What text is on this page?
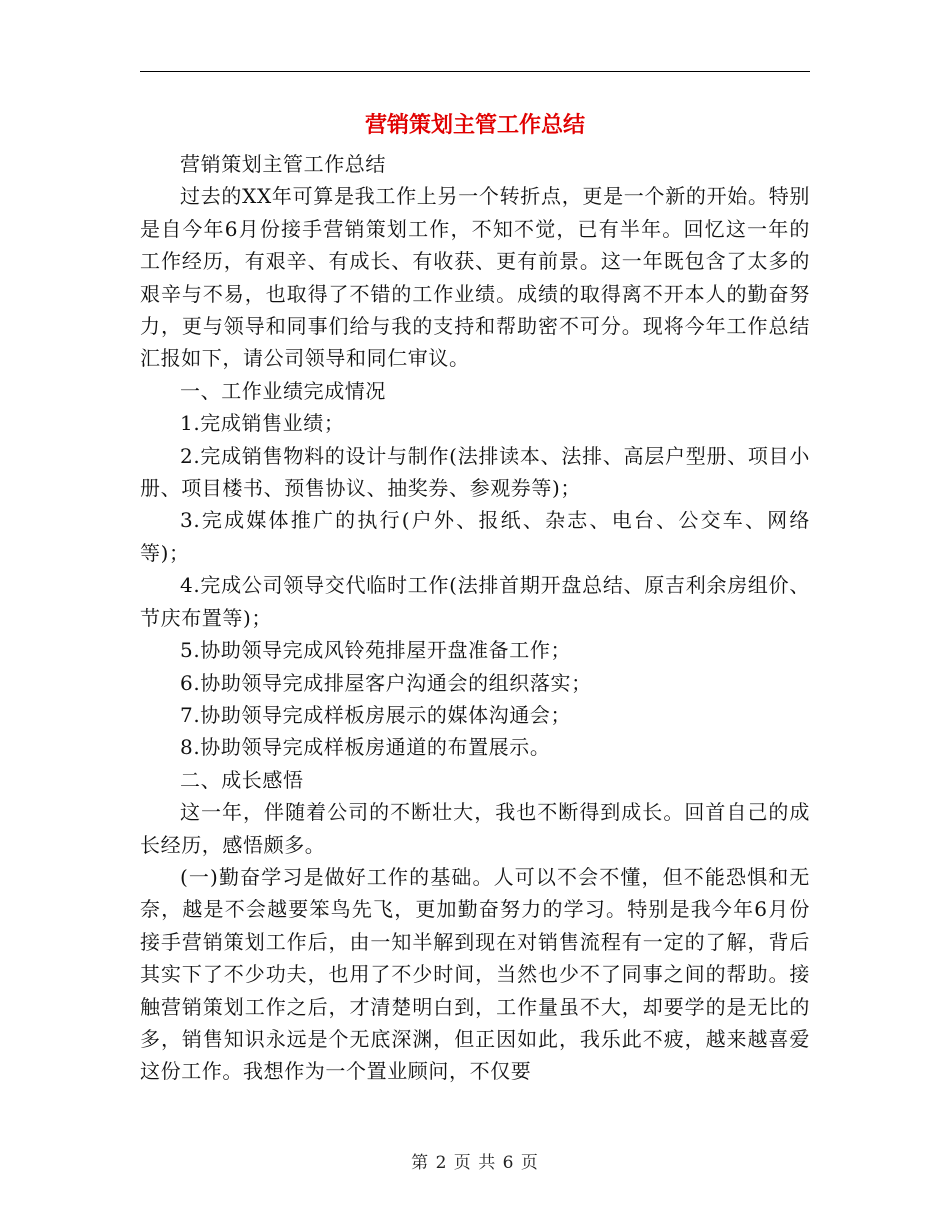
营销策划主管工作总结

营销策划主管工作总结

过去的XX年可算是我工作上另一个转折点，更是一个新的开始。特别是自今年6月份接手营销策划工作，不知不觉，已有半年。回忆这一年的工作经历，有艰辛、有成长、有收获、更有前景。这一年既包含了太多的艰辛与不易，也取得了不错的工作业绩。成绩的取得离不开本人的勤奋努力，更与领导和同事们给与我的支持和帮助密不可分。现将今年工作总结汇报如下，请公司领导和同仁审议。

一、工作业绩完成情况

1.完成销售业绩；

2.完成销售物料的设计与制作(法排读本、法排、高层户型册、项目小册、项目楼书、预售协议、抽奖券、参观券等)；

3.完成媒体推广的执行(户外、报纸、杂志、电台、公交车、网络等)；

4.完成公司领导交代临时工作(法排首期开盘总结、原吉利余房组价、节庆布置等)；

5.协助领导完成风铃苑排屋开盘准备工作；

6.协助领导完成排屋客户沟通会的组织落实；

7.协助领导完成样板房展示的媒体沟通会；

8.协助领导完成样板房通道的布置展示。

二、成长感悟

这一年，伴随着公司的不断壮大，我也不断得到成长。回首自己的成长经历，感悟颇多。

(一)勤奋学习是做好工作的基础。人可以不会不懂，但不能恐惧和无奈，越是不会越要笨鸟先飞，更加勤奋努力的学习。特别是我今年6月份接手营销策划工作后，由一知半解到现在对销售流程有一定的了解，背后其实下了不少功夫，也用了不少时间，当然也少不了同事之间的帮助。接触营销策划工作之后，才清楚明白到，工作量虽不大，却要学的是无比的多，销售知识永远是个无底深渊，但正因如此，我乐此不疲，越来越喜爱这份工作。我想作为一个置业顾问，不仅要

第 2 页 共 6 页
